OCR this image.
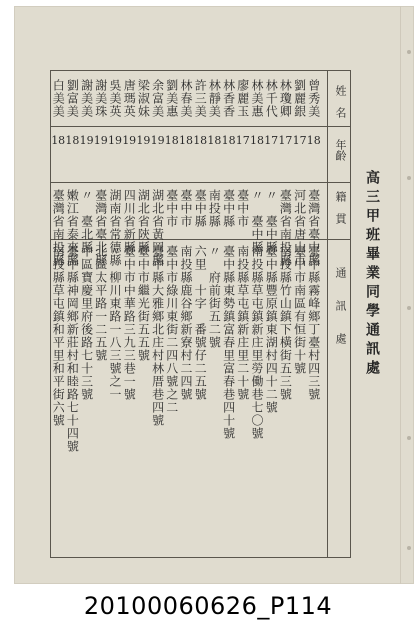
高三甲班畢業同學通訊處
姓　名
年齡
籍　貫
通　　訊　　處
曾秀美
18
臺灣省臺中縣
臺中縣霧峰鄉丁臺村四三號
劉麗銀
17
河北省唐山市
臺中市南區有恒街十號
林瓊卿
17
臺灣省南投縣
南投縣竹山鎮下橫街五三號
林千代
17
〃　臺中縣
臺中縣豐原鎮東湖村四十二號
林美惠
18
〃　臺中縣
南投縣草屯鎮新庄里勞働巷七〇號
廖麗玉
17
臺中市
南投縣草屯鎮新庄里二十號
林香香
18
臺中縣
臺中縣東勢鎮富春里富春巷四十號
林靜美
18
南投縣
〃　府前街五二號
許三美
18
臺中縣
六里　十字　番號仔二五號
林春美
18
臺中市
南投縣鹿谷鄉新寮村二四號
劉美惠
18
臺中市
臺中市綠川東街二四八號之二
余富美
19
湖北省黃岡縣
臺中縣大雅鄉北庄村林厝巷四號
梁淑妹
19
湖北省陝縣
臺中市繼光街五五號
唐瑪英
19
四川省新縣
臺中市中華路三九三巷一號
吳美英
19
湖南省常德縣
〃　柳川東路一八三號之一
謝美珠
19
臺灣省臺北縣
北區太平路一二五號
謝美美
19
〃　臺北縣
中區寶慶里府後路七十三號
劉富美
18
嫩江省泰來縣
臺中縣神岡鄉新莊村和睦路七十四號
白美美
18
臺灣省南投縣
南投縣草屯鎮和平里和平街六號
20100060626_P114
